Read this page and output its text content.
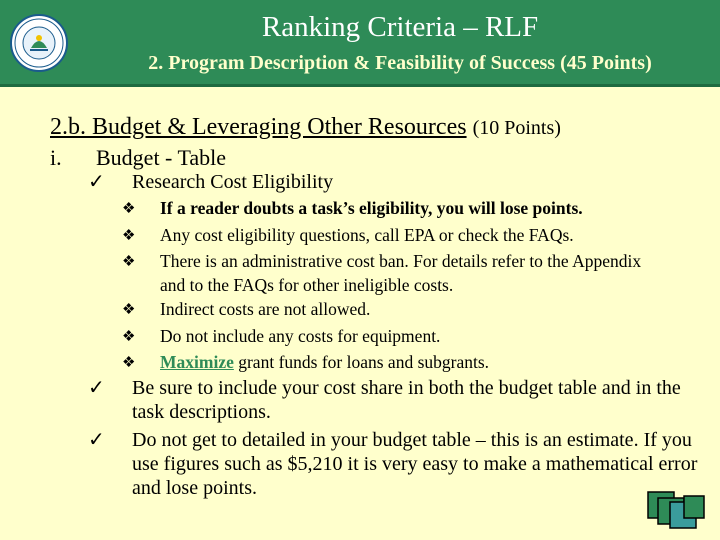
Ranking Criteria – RLF
2. Program Description & Feasibility of Success (45 Points)
2.b. Budget & Leveraging Other Resources (10 Points)
i. Budget - Table
✓	Research Cost Eligibility
❖	If a reader doubts a task’s eligibility, you will lose points.
❖	Any cost eligibility questions, call EPA or check the FAQs.
❖	There is an administrative cost ban. For details refer to the Appendix and to the FAQs for other ineligible costs.
❖	Indirect costs are not allowed.
❖	Do not include any costs for equipment.
❖	Maximize grant funds for loans and subgrants.
✓	Be sure to include your cost share in both the budget table and in the task descriptions.
✓	Do not get to detailed in your budget table – this is an estimate. If you use figures such as $5,210 it is very easy to make a mathematical error and lose points.
